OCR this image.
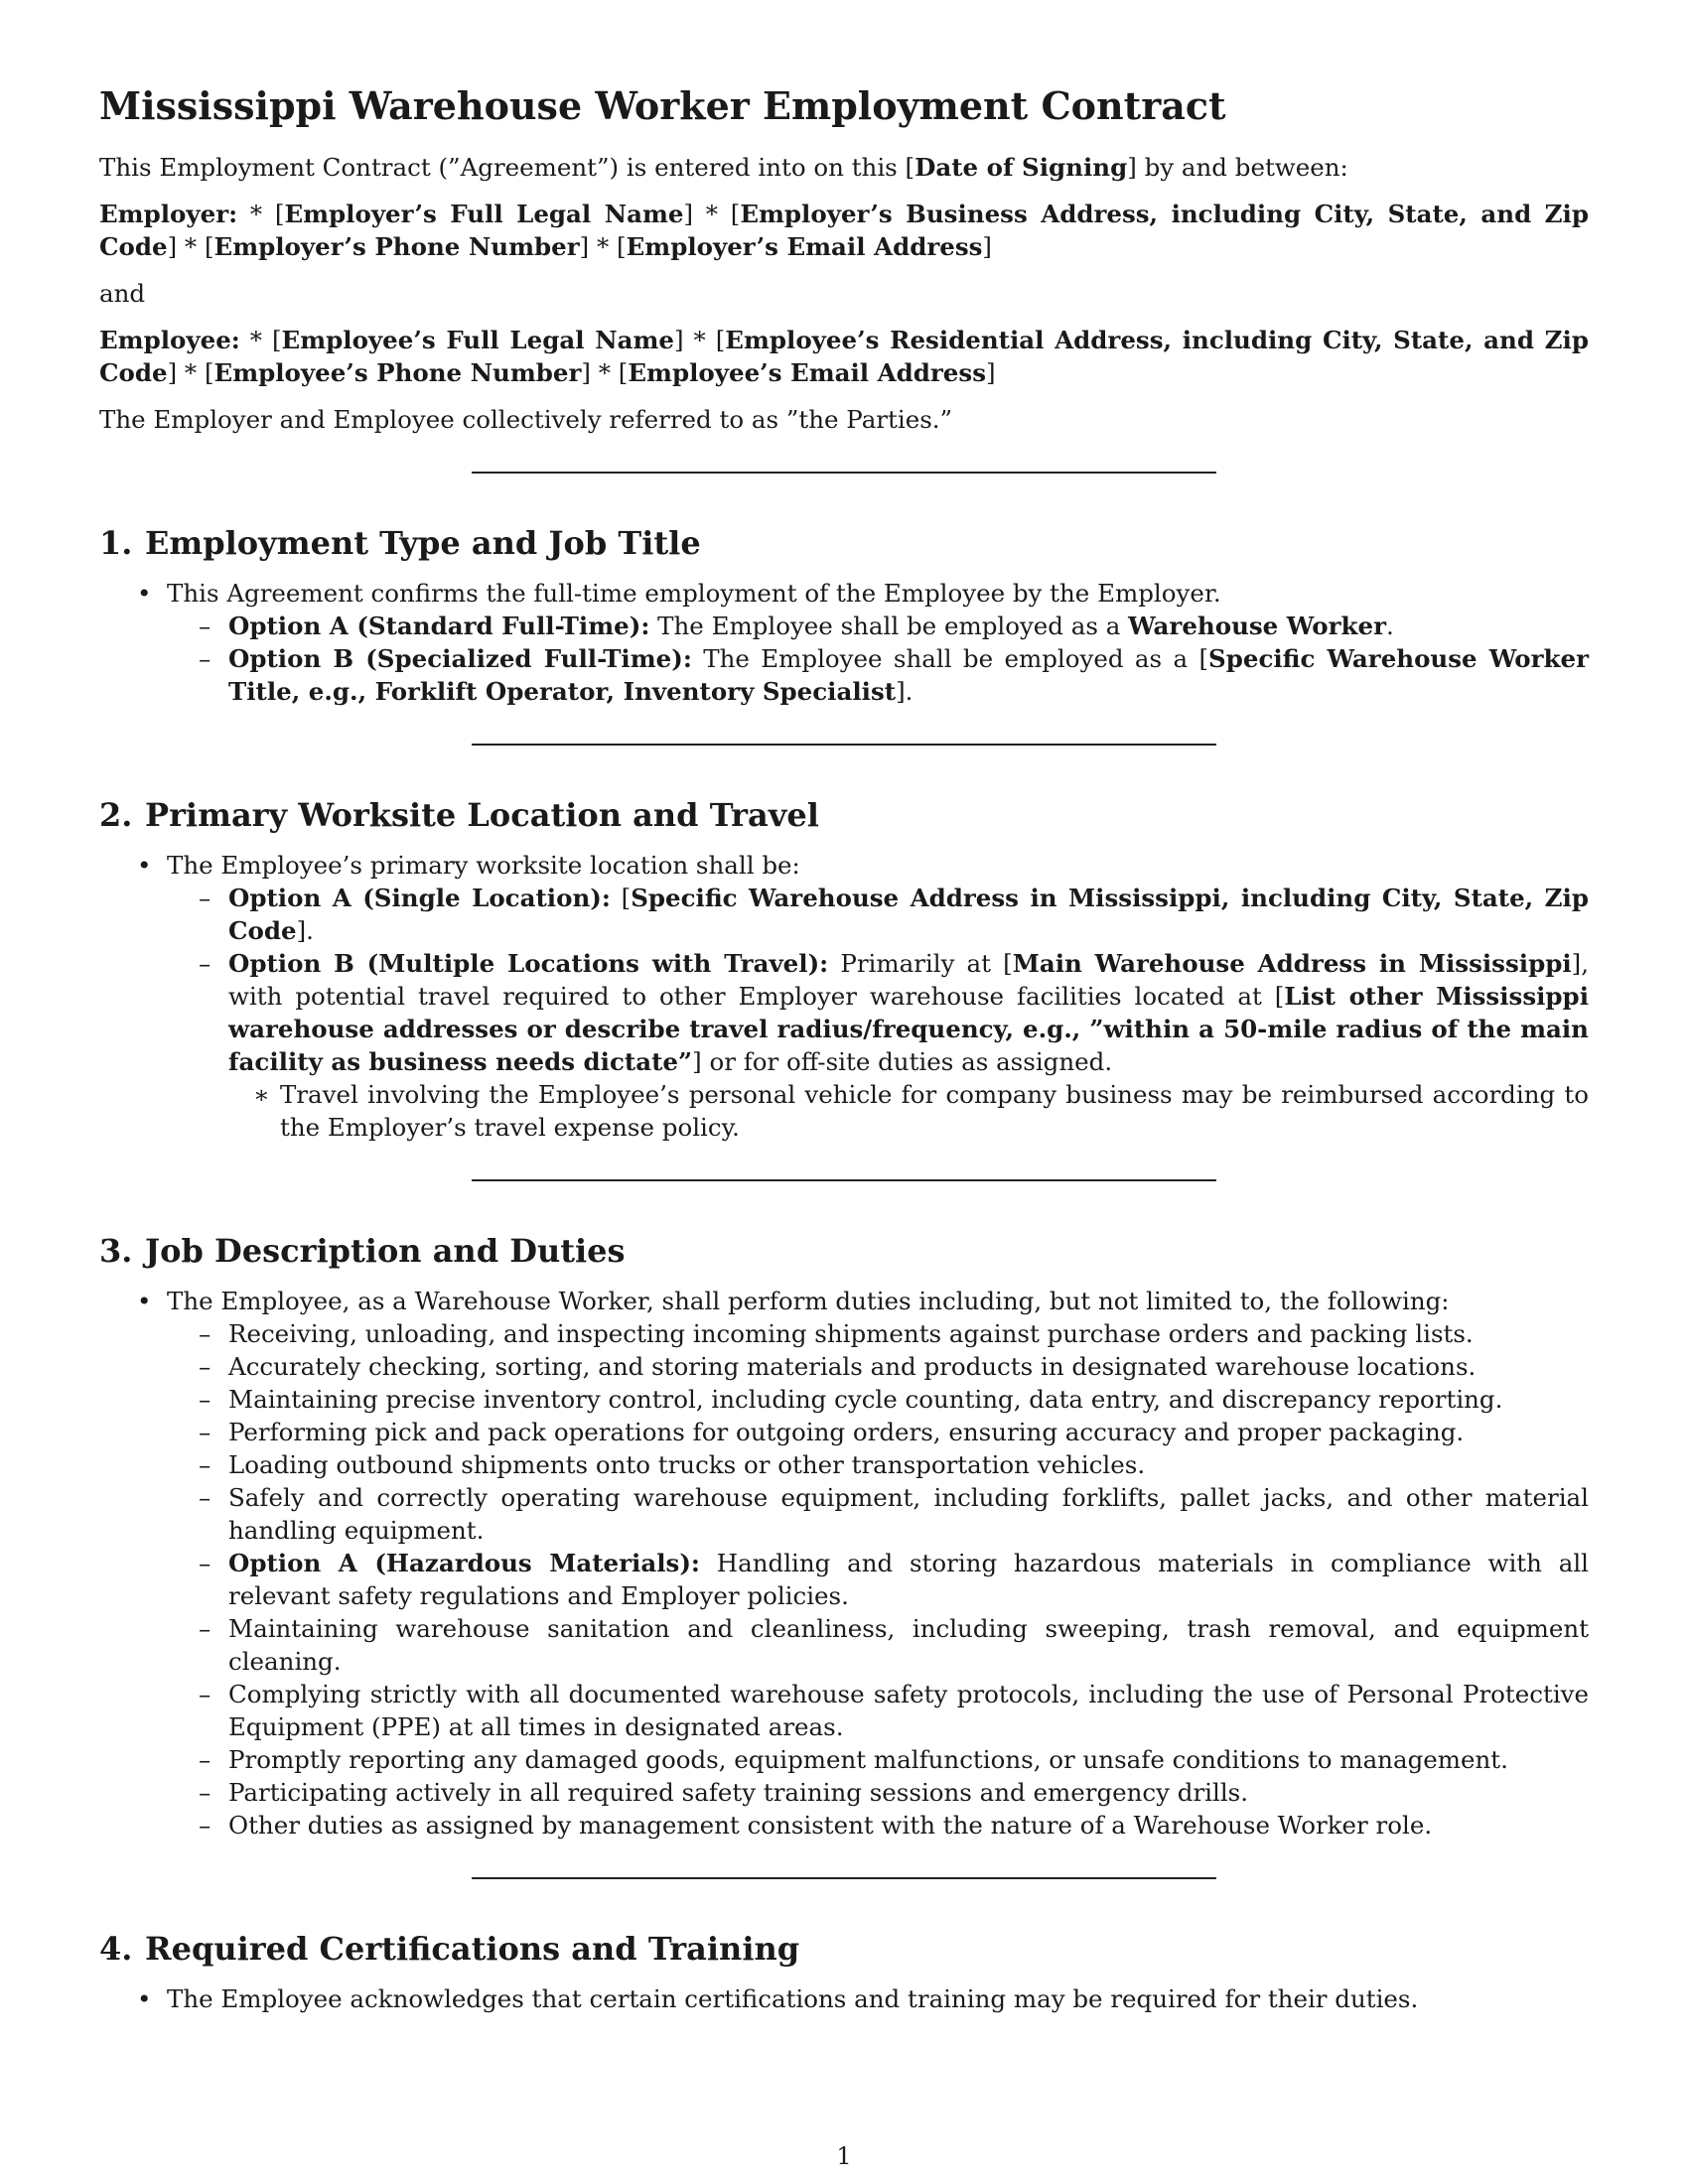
Mississippi Warehouse Worker Employment Contract

This Employment Contract (”Agreement”) is entered into on this [Date of Signing] by and between:

Employer: * [Employer’s Full Legal Name] * [Employer’s Business Address, including City, State, and Zip Code] * [Employer’s Phone Number] * [Employer’s Email Address]

and

Employee: * [Employee’s Full Legal Name] * [Employee’s Residential Address, including City, State, and Zip Code] * [Employee’s Phone Number] * [Employee’s Email Address]

The Employer and Employee collectively referred to as ”the Parties.”

1. Employment Type and Job Title
• This Agreement confirms the full-time employment of the Employee by the Employer.
– Option A (Standard Full-Time): The Employee shall be employed as a Warehouse Worker.
– Option B (Specialized Full-Time): The Employee shall be employed as a [Specific Warehouse Worker Title, e.g., Forklift Operator, Inventory Specialist].
2. Primary Worksite Location and Travel
• The Employee’s primary worksite location shall be:
– Option A (Single Location): [Specific Warehouse Address in Mississippi, including City, State, Zip Code].
– Option B (Multiple Locations with Travel): Primarily at [Main Warehouse Address in Mississippi], with potential travel required to other Employer warehouse facilities located at [List other Mississippi warehouse addresses or describe travel radius/frequency, e.g., ”within a 50-mile radius of the main facility as business needs dictate”] or for off-site duties as assigned.
∗ Travel involving the Employee’s personal vehicle for company business may be reimbursed according to the Employer’s travel expense policy.
3. Job Description and Duties
• The Employee, as a Warehouse Worker, shall perform duties including, but not limited to, the following:
– Receiving, unloading, and inspecting incoming shipments against purchase orders and packing lists.
– Accurately checking, sorting, and storing materials and products in designated warehouse locations.
– Maintaining precise inventory control, including cycle counting, data entry, and discrepancy reporting.
– Performing pick and pack operations for outgoing orders, ensuring accuracy and proper packaging.
– Loading outbound shipments onto trucks or other transportation vehicles.
– Safely and correctly operating warehouse equipment, including forklifts, pallet jacks, and other material handling equipment.
– Option A (Hazardous Materials): Handling and storing hazardous materials in compliance with all relevant safety regulations and Employer policies.
– Maintaining warehouse sanitation and cleanliness, including sweeping, trash removal, and equipment cleaning.
– Complying strictly with all documented warehouse safety protocols, including the use of Personal Protective Equipment (PPE) at all times in designated areas.
– Promptly reporting any damaged goods, equipment malfunctions, or unsafe conditions to management.
– Participating actively in all required safety training sessions and emergency drills.
– Other duties as assigned by management consistent with the nature of a Warehouse Worker role.
4. Required Certifications and Training
• The Employee acknowledges that certain certifications and training may be required for their duties.
1
